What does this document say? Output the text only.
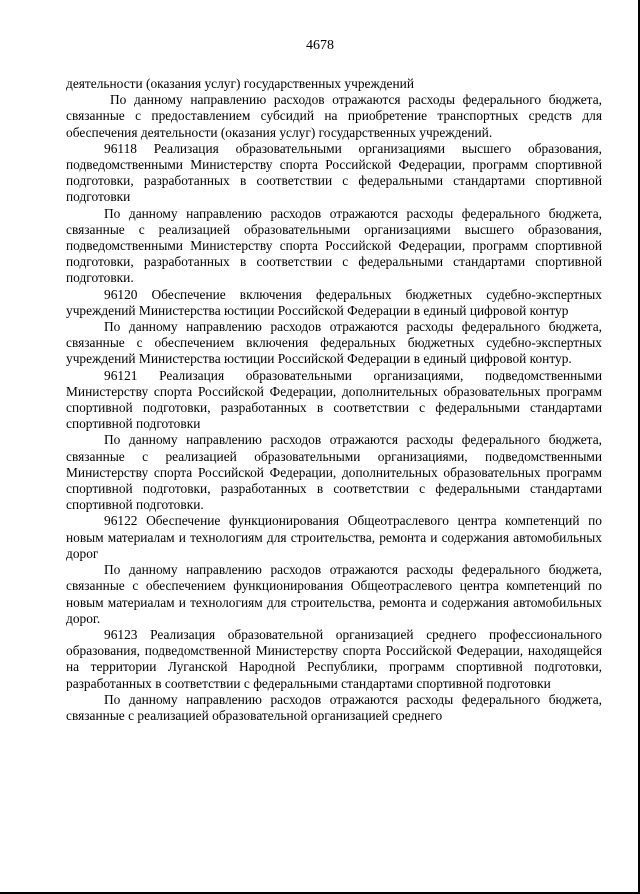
4678

деятельности (оказания услуг) государственных учреждений

По данному направлению расходов отражаются расходы федерального бюджета, связанные с предоставлением субсидий на приобретение транспортных средств для обеспечения деятельности (оказания услуг) государственных учреждений.

96118 Реализация образовательными организациями высшего образования, подведомственными Министерству спорта Российской Федерации, программ спортивной подготовки, разработанных в соответствии с федеральными стандартами спортивной подготовки

По данному направлению расходов отражаются расходы федерального бюджета, связанные с реализацией образовательными организациями высшего образования, подведомственными Министерству спорта Российской Федерации, программ спортивной подготовки, разработанных в соответствии с федеральными стандартами спортивной подготовки.

96120 Обеспечение включения федеральных бюджетных судебно-экспертных учреждений Министерства юстиции Российской Федерации в единый цифровой контур

По данному направлению расходов отражаются расходы федерального бюджета, связанные с обеспечением включения федеральных бюджетных судебно-экспертных учреждений Министерства юстиции Российской Федерации в единый цифровой контур.

96121 Реализация образовательными организациями, подведомственными Министерству спорта Российской Федерации, дополнительных образовательных программ спортивной подготовки, разработанных в соответствии с федеральными стандартами спортивной подготовки

По данному направлению расходов отражаются расходы федерального бюджета, связанные с реализацией образовательными организациями, подведомственными Министерству спорта Российской Федерации, дополнительных образовательных программ спортивной подготовки, разработанных в соответствии с федеральными стандартами спортивной подготовки.

96122 Обеспечение функционирования Общеотраслевого центра компетенций по новым материалам и технологиям для строительства, ремонта и содержания автомобильных дорог

По данному направлению расходов отражаются расходы федерального бюджета, связанные с обеспечением функционирования Общеотраслевого центра компетенций по новым материалам и технологиям для строительства, ремонта и содержания автомобильных дорог.

96123 Реализация образовательной организацией среднего профессионального образования, подведомственной Министерству спорта Российской Федерации, находящейся на территории Луганской Народной Республики, программ спортивной подготовки, разработанных в соответствии с федеральными стандартами спортивной подготовки

По данному направлению расходов отражаются расходы федерального бюджета, связанные с реализацией образовательной организацией среднего
